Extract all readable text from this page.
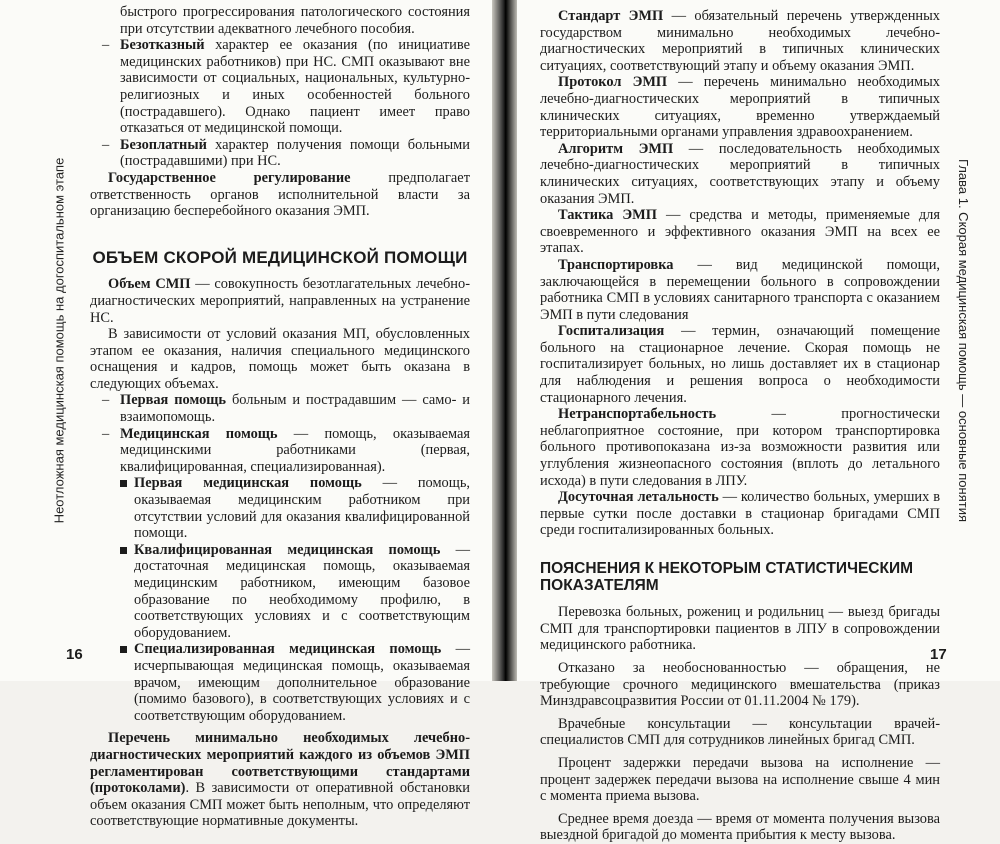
Неотложная медицинская помощь на догоспитальном этапе

быстрого прогрессирования патологического состояния при отсутствии адекватного лечебного пособия.

– Безотказный характер ее оказания (по инициативе медицинских работников) при НС. СМП оказывают вне зависимости от социальных, национальных, культурно-религиозных и иных особенностей больного (пострадавшего). Однако пациент имеет право отказаться от медицинской помощи.

– Безоплатный характер получения помощи больными (пострадавшими) при НС.

Государственное регулирование предполагает ответственность органов исполнительной власти за организацию бесперебойного оказания ЭМП.

ОБЪЕМ СКОРОЙ МЕДИЦИНСКОЙ ПОМОЩИ

Объем СМП — совокупность безотлагательных лечебно-диагностических мероприятий, направленных на устранение НС.

В зависимости от условий оказания МП, обусловленных этапом ее оказания, наличия специального медицинского оснащения и кадров, помощь может быть оказана в следующих объемах.

– Первая помощь больным и пострадавшим — само- и взаимопомощь.

– Медицинская помощь — помощь, оказываемая медицинскими работниками (первая, квалифицированная, специализированная).

Первая медицинская помощь — помощь, оказываемая медицинским работником при отсутствии условий для оказания квалифицированной помощи.

Квалифицированная медицинская помощь — достаточная медицинская помощь, оказываемая медицинским работником, имеющим базовое образование по необходимому профилю, в соответствующих условиях и с соответствующим оборудованием.

Специализированная медицинская помощь — исчерпывающая медицинская помощь, оказываемая врачом, имеющим дополнительное образование (помимо базового), в соответствующих условиях и с соответствующим оборудованием.

Перечень минимально необходимых лечебно-диагностических мероприятий каждого из объемов ЭМП регламентирован соответствующими стандартами (протоколами). В зависимости от оперативной обстановки объем оказания СМП может быть неполным, что определяют соответствующие нормативные документы.

16

Стандарт ЭМП — обязательный перечень утвержденных государством минимально необходимых лечебно-диагностических мероприятий в типичных клинических ситуациях, соответствующий этапу и объему оказания ЭМП.

Протокол ЭМП — перечень минимально необходимых лечебно-диагностических мероприятий в типичных клинических ситуациях, временно утверждаемый территориальными органами управления здравоохранением.

Алгоритм ЭМП — последовательность необходимых лечебно-диагностических мероприятий в типичных клинических ситуациях, соответствующих этапу и объему оказания ЭМП.

Тактика ЭМП — средства и методы, применяемые для своевременного и эффективного оказания ЭМП на всех ее этапах.

Транспортировка — вид медицинской помощи, заключающейся в перемещении больного в сопровождении работника СМП в условиях санитарного транспорта с оказанием ЭМП в пути следования

Госпитализация — термин, означающий помещение больного на стационарное лечение. Скорая помощь не госпитализирует больных, но лишь доставляет их в стационар для наблюдения и решения вопроса о необходимости стационарного лечения.

Нетранспортабельность — прогностически неблагоприятное состояние, при котором транспортировка больного противопоказана из-за возможности развития или углубления жизнеопасного состояния (вплоть до летального исхода) в пути следования в ЛПУ.

Досуточная летальность — количество больных, умерших в первые сутки после доставки в стационар бригадами СМП среди госпитализированных больных.

ПОЯСНЕНИЯ К НЕКОТОРЫМ СТАТИСТИЧЕСКИМ ПОКАЗАТЕЛЯМ

Перевозка больных, рожениц и родильниц — выезд бригады СМП для транспортировки пациентов в ЛПУ в сопровождении медицинского работника.

Отказано за необоснованностью — обращения, не требующие срочного медицинского вмешательства (приказ Минздравсоцразвития России от 01.11.2004 № 179).

Врачебные консультации — консультации врачей-специалистов СМП для сотрудников линейных бригад СМП.

Процент задержки передачи вызова на исполнение — процент задержек передачи вызова на исполнение свыше 4 мин с момента приема вызова.

Среднее время доезда — время от момента получения вызова выездной бригадой до момента прибытия к месту вызова.

Глава 1. Скорая медицинская помощь — основные понятия
17
